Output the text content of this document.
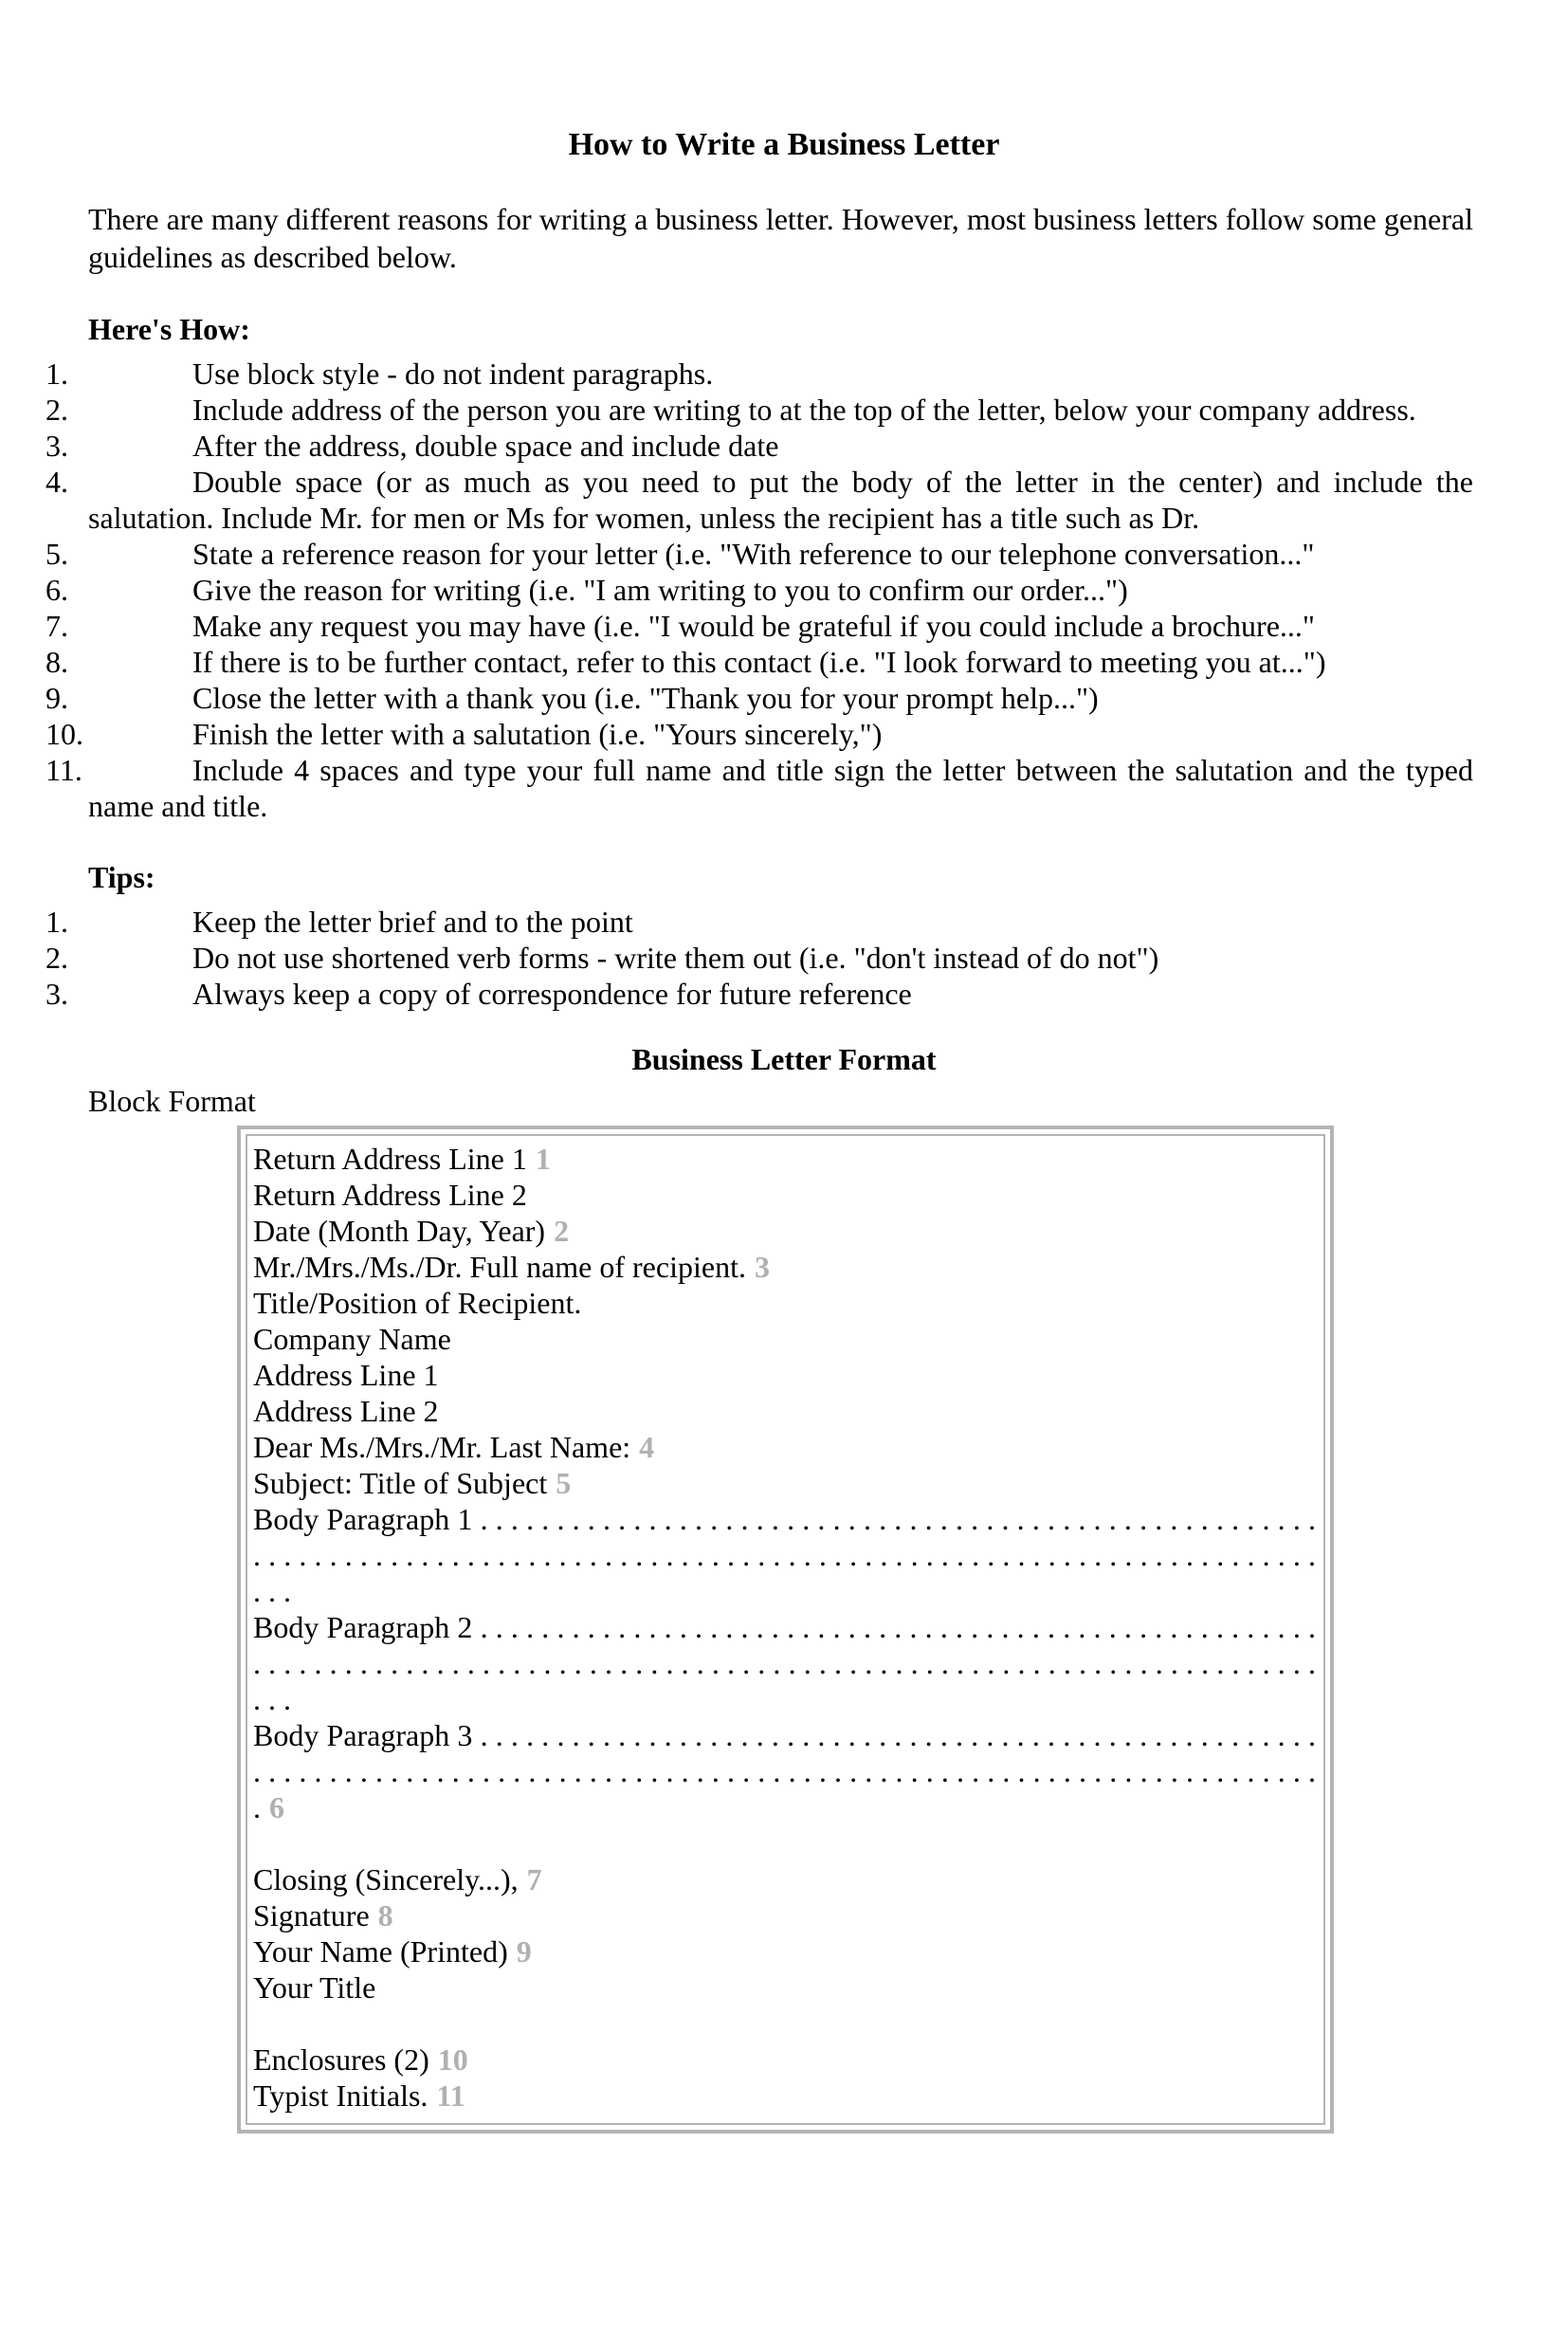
How to Write a Business Letter

There are many different reasons for writing a business letter. However, most business letters follow some general guidelines as described below.

Here's How:

1.	Use block style - do not indent paragraphs.

2.	Include address of the person you are writing to at the top of the letter, below your company address.

3.	After the address, double space and include date

4.	Double space (or as much as you need to put the body of the letter in the center) and include the salutation. Include Mr. for men or Ms for women, unless the recipient has a title such as Dr.

5.	State a reference reason for your letter (i.e. "With reference to our telephone conversation..."

6.	Give the reason for writing (i.e. "I am writing to you to confirm our order...")

7.	Make any request you may have (i.e. "I would be grateful if you could include a brochure..."

8.	If there is to be further contact, refer to this contact (i.e. "I look forward to meeting you at...")

9.	Close the letter with a thank you (i.e. "Thank you for your prompt help...")

10.	Finish the letter with a salutation (i.e. "Yours sincerely,")

11.	Include 4 spaces and type your full name and title sign the letter between the salutation and the typed name and title.

Tips:

1.	Keep the letter brief and to the point

2.	Do not use shortened verb forms - write them out (i.e. "don't instead of do not")

3.	Always keep a copy of correspondence for future reference

Business Letter Format

Block Format

Return Address Line 1 1
Return Address Line 2
Date (Month Day, Year) 2
Mr./Mrs./Ms./Dr. Full name of recipient. 3
Title/Position of Recipient.
Company Name
Address Line 1
Address Line 2
Dear Ms./Mrs./Mr. Last Name: 4
Subject: Title of Subject 5
Body Paragraph 1 . . . . . . . . . . . . . . . . . . . . . . . . . . . . . . . . . . . . . . . . . . . . . . . . . . . . . . . . . . . . . . . . . . . . . . . . . . . . . . . . . . . . . . . . . . . . . . . . . . . . . . . . . . . . . . . . . . . . . . . . . . . . . . . .
Body Paragraph 2 . . . . . . . . . . . . . . . . . . . . . . . . . . . . . . . . . . . . . . . . . . . . . . . . . . . . . . . . . . . . . . . . . . . . . . . . . . . . . . . . . . . . . . . . . . . . . . . . . . . . . . . . . . . . . . . . . . . . . . . . . . . . . . . .
Body Paragraph 3 . . . . . . . . . . . . . . . . . . . . . . . . . . . . . . . . . . . . . . . . . . . . . . . . . . . . . . . . . . . . . . . . . . . . . . . . . . . . . . . . . . . . . . . . . . . . . . . . . . . . . . . . . . . . . . . . . . . . . . . . . . . . . . 6
Closing (Sincerely...), 7
Signature 8
Your Name (Printed) 9
Your Title
Enclosures (2) 10
Typist Initials. 11
